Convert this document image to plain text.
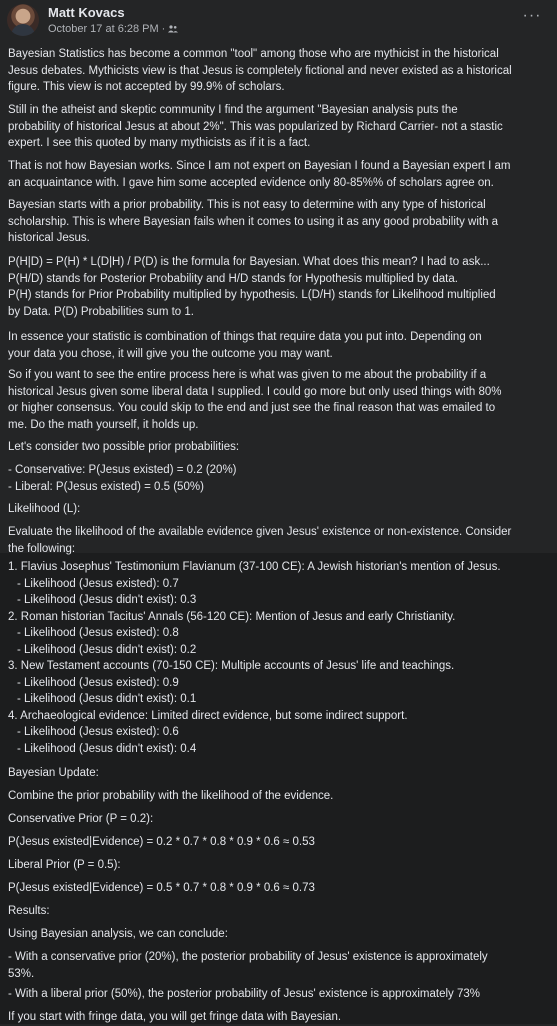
Matt Kovacs
October 17 at 6:28 PM ·
···

Bayesian Statistics has become a common "tool" among those who are mythicist in the historical
Jesus debates. Mythicists view is that Jesus is completely fictional and never existed as a historical
figure. This view is not accepted by 99.9% of scholars.

Still in the atheist and skeptic community I find the argument "Bayesian analysis puts the
probability of historical Jesus at about 2%". This was popularized by Richard Carrier- not a stastic
expert. I see this quoted by many mythicists as if it is a fact.

That is not how Bayesian works. Since I am not expert on Bayesian I found a Bayesian expert I am
an acquaintance with. I gave him some accepted evidence only 80-85%% of scholars agree on.

Bayesian starts with a prior probability. This is not easy to determine with any type of historical
scholarship. This is where Bayesian fails when it comes to using it as any good probability with a
historical Jesus.

P(H|D) = P(H) * L(D|H) / P(D) is the formula for Bayesian. What does this mean? I had to ask...
P(H/D) stands for Posterior Probability and H/D stands for Hypothesis multiplied by data.
P(H) stands for Prior Probability multiplied by hypothesis. L(D/H) stands for Likelihood multiplied
by Data. P(D) Probabilities sum to 1.

In essence your statistic is combination of things that require data you put into. Depending on
your data you chose, it will give you the outcome you may want.

So if you want to see the entire process here is what was given to me about the probability if a
historical Jesus given some liberal data I supplied. I could go more but only used things with 80%
or higher consensus. You could skip to the end and just see the final reason that was emailed to
me. Do the math yourself, it holds up.

Let's consider two possible prior probabilities:

- Conservative: P(Jesus existed) = 0.2 (20%)
- Liberal: P(Jesus existed) = 0.5 (50%)

Likelihood (L):

Evaluate the likelihood of the available evidence given Jesus' existence or non-existence. Consider
the following:

1. Flavius Josephus' Testimonium Flavianum (37-100 CE): A Jewish historian's mention of Jesus.
- Likelihood (Jesus existed): 0.7
- Likelihood (Jesus didn't exist): 0.3
2. Roman historian Tacitus' Annals (56-120 CE): Mention of Jesus and early Christianity.
- Likelihood (Jesus existed): 0.8
- Likelihood (Jesus didn't exist): 0.2
3. New Testament accounts (70-150 CE): Multiple accounts of Jesus' life and teachings.
- Likelihood (Jesus existed): 0.9
- Likelihood (Jesus didn't exist): 0.1
4. Archaeological evidence: Limited direct evidence, but some indirect support.
- Likelihood (Jesus existed): 0.6
- Likelihood (Jesus didn't exist): 0.4

Bayesian Update:

Combine the prior probability with the likelihood of the evidence.

Conservative Prior (P = 0.2):

P(Jesus existed|Evidence) = 0.2 * 0.7 * 0.8 * 0.9 * 0.6 ≈ 0.53

Liberal Prior (P = 0.5):

P(Jesus existed|Evidence) = 0.5 * 0.7 * 0.8 * 0.9 * 0.6 ≈ 0.73

Results:

Using Bayesian analysis, we can conclude:

- With a conservative prior (20%), the posterior probability of Jesus' existence is approximately
53%.

- With a liberal prior (50%), the posterior probability of Jesus' existence is approximately 73%

If you start with fringe data, you will get fringe data with Bayesian.
